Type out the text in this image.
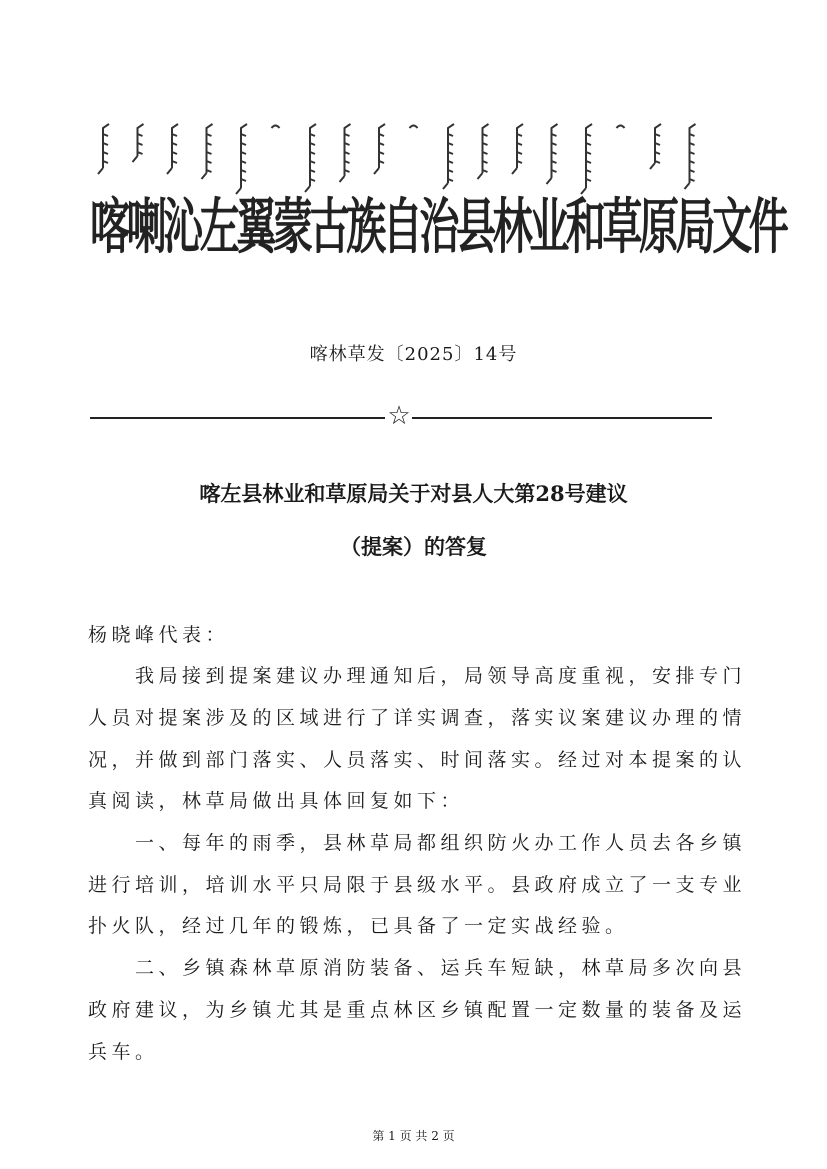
喀喇沁左翼蒙古族自治县林业和草原局文件
喀林草发〔2025〕14号
☆
喀左县林业和草原局关于对县人大第28号建议
（提案）的答复
杨晓峰代表：
我局接到提案建议办理通知后，局领导高度重视，安排专门
人员对提案涉及的区域进行了详实调查，落实议案建议办理的情
况，并做到部门落实、人员落实、时间落实。经过对本提案的认
真阅读，林草局做出具体回复如下：
一、每年的雨季，县林草局都组织防火办工作人员去各乡镇
进行培训，培训水平只局限于县级水平。县政府成立了一支专业
扑火队，经过几年的锻炼，已具备了一定实战经验。
二、乡镇森林草原消防装备、运兵车短缺，林草局多次向县
政府建议，为乡镇尤其是重点林区乡镇配置一定数量的装备及运
兵车。
第 1 页 共 2 页
